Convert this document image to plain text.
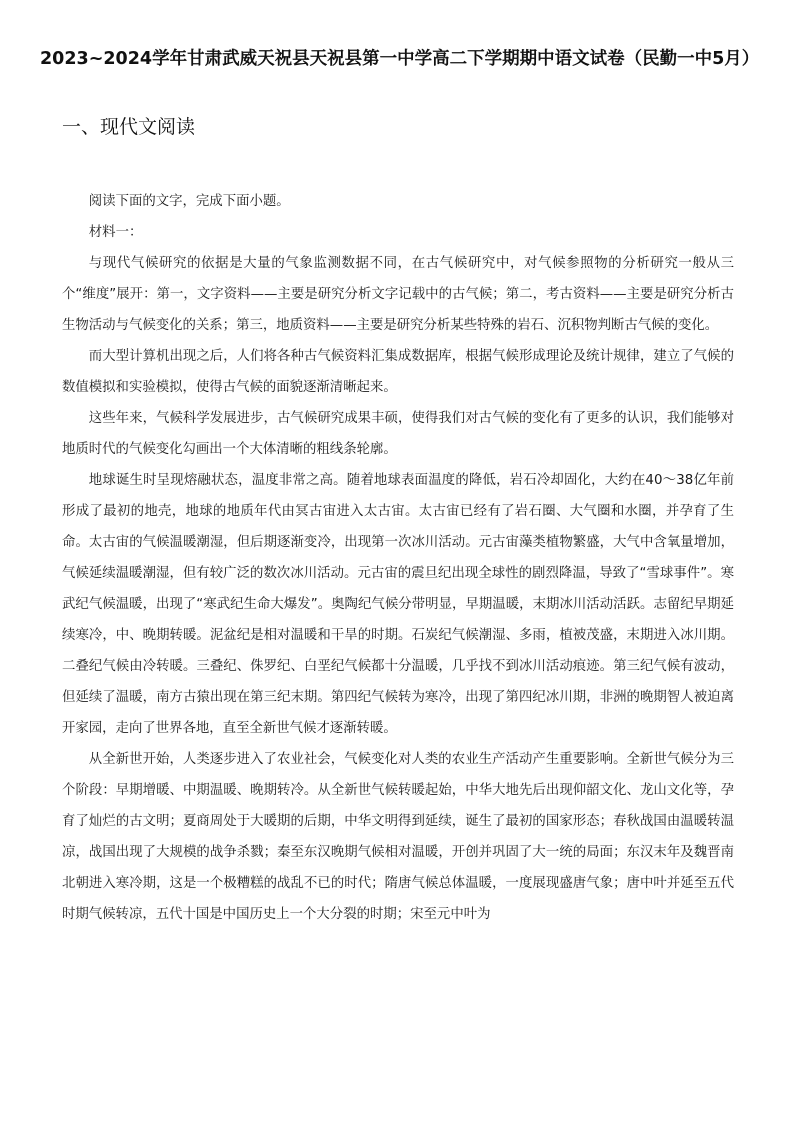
2023~2024学年甘肃武威天祝县天祝县第一中学高二下学期期中语文试卷（民勤一中5月）
一、现代文阅读

阅读下面的文字，完成下面小题。

材料一：

与现代气候研究的依据是大量的气象监测数据不同，在古气候研究中，对气候参照物的分析研究一般从三个“维度”展开：第一，文字资料——主要是研究分析文字记载中的古气候；第二，考古资料——主要是研究分析古生物活动与气候变化的关系；第三，地质资料——主要是研究分析某些特殊的岩石、沉积物判断古气候的变化。

而大型计算机出现之后，人们将各种古气候资料汇集成数据库，根据气候形成理论及统计规律，建立了气候的数值模拟和实验模拟，使得古气候的面貌逐渐清晰起来。

这些年来，气候科学发展进步，古气候研究成果丰硕，使得我们对古气候的变化有了更多的认识，我们能够对地质时代的气候变化勾画出一个大体清晰的粗线条轮廓。

地球诞生时呈现熔融状态，温度非常之高。随着地球表面温度的降低，岩石冷却固化，大约在40～38亿年前形成了最初的地壳，地球的地质年代由冥古宙进入太古宙。太古宙已经有了岩石圈、大气圈和水圈，并孕育了生命。太古宙的气候温暖潮湿，但后期逐渐变冷，出现第一次冰川活动。元古宙藻类植物繁盛，大气中含氧量增加，气候延续温暖潮湿，但有较广泛的数次冰川活动。元古宙的震旦纪出现全球性的剧烈降温，导致了“雪球事件”。寒武纪气候温暖，出现了“寒武纪生命大爆发”。奥陶纪气候分带明显，早期温暖，末期冰川活动活跃。志留纪早期延续寒冷，中、晚期转暖。泥盆纪是相对温暖和干旱的时期。石炭纪气候潮湿、多雨，植被茂盛，末期进入冰川期。二叠纪气候由冷转暖。三叠纪、侏罗纪、白垩纪气候都十分温暖，几乎找不到冰川活动痕迹。第三纪气候有波动，但延续了温暖，南方古猿出现在第三纪末期。第四纪气候转为寒冷，出现了第四纪冰川期，非洲的晚期智人被迫离开家园，走向了世界各地，直至全新世气候才逐渐转暖。

从全新世开始，人类逐步进入了农业社会，气候变化对人类的农业生产活动产生重要影响。全新世气候分为三个阶段：早期增暖、中期温暖、晚期转冷。从全新世气候转暖起始，中华大地先后出现仰韶文化、龙山文化等，孕育了灿烂的古文明；夏商周处于大暖期的后期，中华文明得到延续，诞生了最初的国家形态；春秋战国由温暖转温凉，战国出现了大规模的战争杀戮；秦至东汉晚期气候相对温暖，开创并巩固了大一统的局面；东汉末年及魏晋南北朝进入寒冷期，这是一个极糟糕的战乱不已的时代；隋唐气候总体温暖，一度展现盛唐气象；唐中叶并延至五代时期气候转凉，五代十国是中国历史上一个大分裂的时期；宋至元中叶为
